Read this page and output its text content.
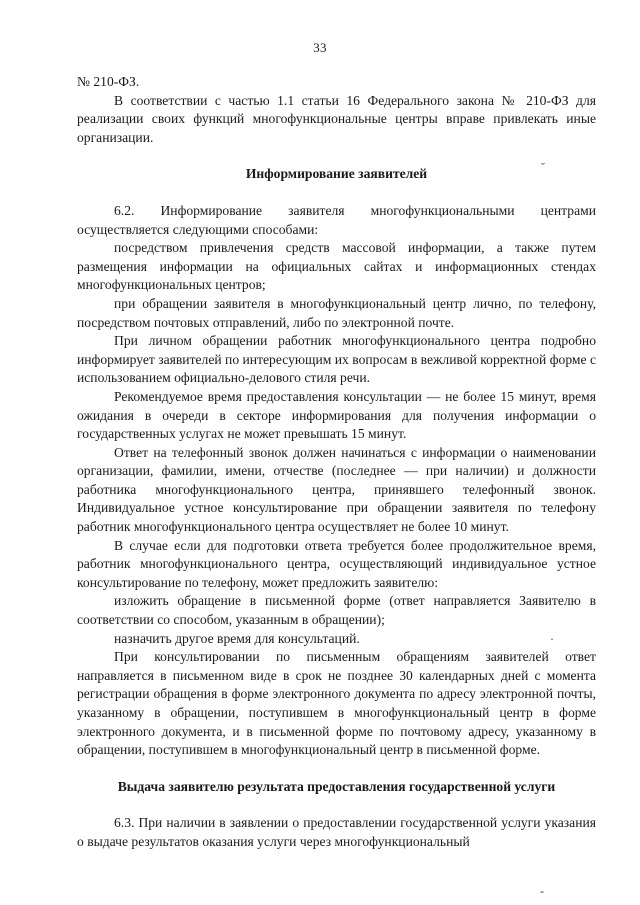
33

№ 210-ФЗ.

В соответствии с частью 1.1 статьи 16 Федерального закона № 210-ФЗ для реализации своих функций многофункциональные центры вправе привлекать иные организации.

Информирование заявителей

6.2. Информирование заявителя многофункциональными центрами осуществляется следующими способами:

посредством привлечения средств массовой информации, а также путем размещения информации на официальных сайтах и информационных стендах многофункциональных центров;

при обращении заявителя в многофункциональный центр лично, по телефону, посредством почтовых отправлений, либо по электронной почте.

При личном обращении работник многофункционального центра подробно информирует заявителей по интересующим их вопросам в вежливой корректной форме с использованием официально-делового стиля речи.

Рекомендуемое время предоставления консультации — не более 15 минут, время ожидания в очереди в секторе информирования для получения информации о государственных услугах не может превышать 15 минут.

Ответ на телефонный звонок должен начинаться с информации о наименовании организации, фамилии, имени, отчестве (последнее — при наличии) и должности работника многофункционального центра, принявшего телефонный звонок. Индивидуальное устное консультирование при обращении заявителя по телефону работник многофункционального центра осуществляет не более 10 минут.

В случае если для подготовки ответа требуется более продолжительное время, работник многофункционального центра, осуществляющий индивидуальное устное консультирование по телефону, может предложить заявителю:

изложить обращение в письменной форме (ответ направляется Заявителю в соответствии со способом, указанным в обращении);

назначить другое время для консультаций.

При консультировании по письменным обращениям заявителей ответ направляется в письменном виде в срок не позднее 30 календарных дней с момента регистрации обращения в форме электронного документа по адресу электронной почты, указанному в обращении, поступившем в многофункциональный центр в форме электронного документа, и в письменной форме по почтовому адресу, указанному в обращении, поступившем в многофункциональный центр в письменной форме.

Выдача заявителю результата предоставления государственной услуги

6.3. При наличии в заявлении о предоставлении государственной услуги указания о выдаче результатов оказания услуги через многофункциональный

˘
·
-
